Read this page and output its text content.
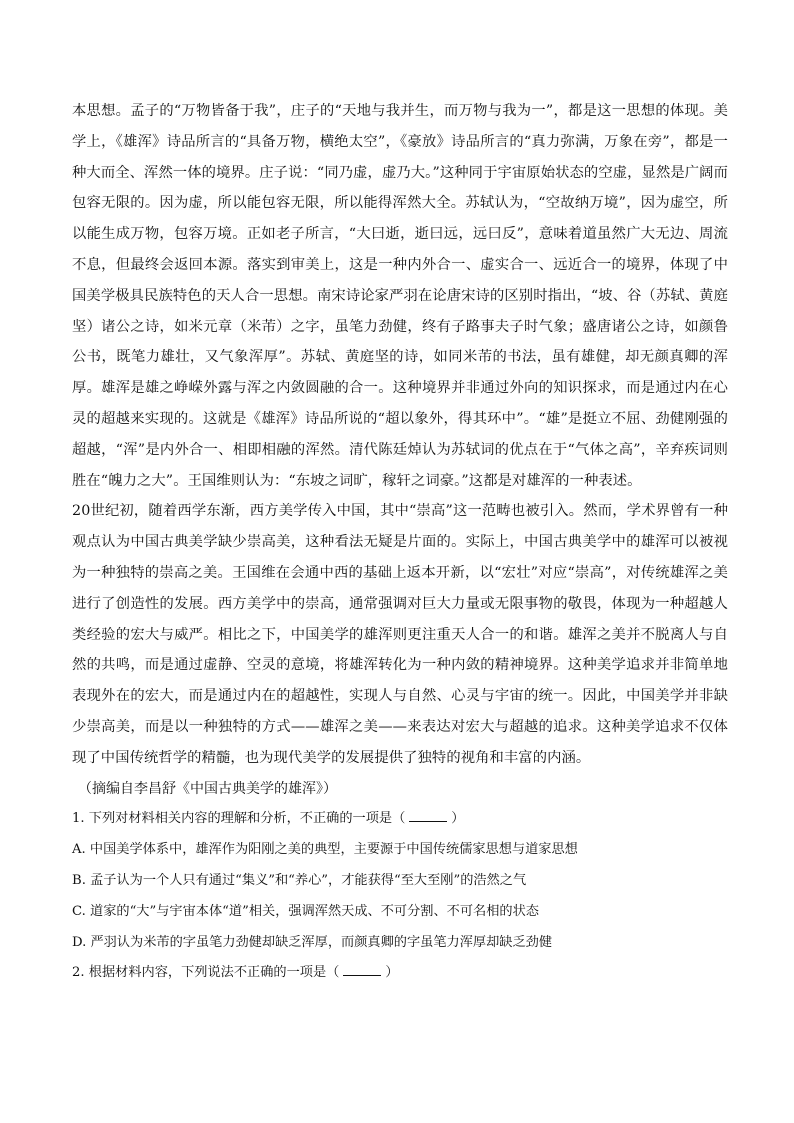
本思想。孟子的“万物皆备于我”，庄子的“天地与我并生，而万物与我为一”，都是这一思想的体现。美学上，《雄浑》诗品所言的“具备万物，横绝太空”，《豪放》诗品所言的“真力弥满，万象在旁”，都是一种大而全、浑然一体的境界。庄子说：“同乃虚，虚乃大。”这种同于宇宙原始状态的空虚，显然是广阔而包容无限的。因为虚，所以能包容无限，所以能得浑然大全。苏轼认为，“空故纳万境”，因为虚空，所以能生成万物，包容万境。正如老子所言，“大曰逝，逝曰远，远曰反”，意味着道虽然广大无边、周流不息，但最终会返回本源。落实到审美上，这是一种内外合一、虚实合一、远近合一的境界，体现了中国美学极具民族特色的天人合一思想。南宋诗论家严羽在论唐宋诗的区别时指出，“坡、谷（苏轼、黄庭坚）诸公之诗，如米元章（米芾）之字，虽笔力劲健，终有子路事夫子时气象；盛唐诸公之诗，如颜鲁公书，既笔力雄壮，又气象浑厚”。苏轼、黄庭坚的诗，如同米芾的书法，虽有雄健，却无颜真卿的浑厚。雄浑是雄之峥嵘外露与浑之内敛圆融的合一。这种境界并非通过外向的知识探求，而是通过内在心灵的超越来实现的。这就是《雄浑》诗品所说的“超以象外，得其环中”。“雄”是挺立不屈、劲健刚强的超越，“浑”是内外合一、相即相融的浑然。清代陈廷焯认为苏轼词的优点在于“气体之高”，辛弃疾词则胜在“魄力之大”。王国维则认为：“东坡之词旷，稼轩之词豪。”这都是对雄浑的一种表述。

20世纪初，随着西学东渐，西方美学传入中国，其中“崇高”这一范畴也被引入。然而，学术界曾有一种观点认为中国古典美学缺少崇高美，这种看法无疑是片面的。实际上，中国古典美学中的雄浑可以被视为一种独特的崇高之美。王国维在会通中西的基础上返本开新，以“宏壮”对应“崇高”，对传统雄浑之美进行了创造性的发展。西方美学中的崇高，通常强调对巨大力量或无限事物的敬畏，体现为一种超越人类经验的宏大与威严。相比之下，中国美学的雄浑则更注重天人合一的和谐。雄浑之美并不脱离人与自然的共鸣，而是通过虚静、空灵的意境，将雄浑转化为一种内敛的精神境界。这种美学追求并非简单地表现外在的宏大，而是通过内在的超越性，实现人与自然、心灵与宇宙的统一。因此，中国美学并非缺少崇高美，而是以一种独特的方式——雄浑之美——来表达对宏大与超越的追求。这种美学追求不仅体现了中国传统哲学的精髓，也为现代美学的发展提供了独特的视角和丰富的内涵。

（摘编自李昌舒《中国古典美学的雄浑》）

1. 下列对材料相关内容的理解和分析，不正确的一项是（	）

A. 中国美学体系中，雄浑作为阳刚之美的典型，主要源于中国传统儒家思想与道家思想

B. 孟子认为一个人只有通过“集义”和“养心”，才能获得“至大至刚”的浩然之气

C. 道家的“大”与宇宙本体“道”相关，强调浑然天成、不可分割、不可名相的状态

D. 严羽认为米芾的字虽笔力劲健却缺乏浑厚，而颜真卿的字虽笔力浑厚却缺乏劲健

2. 根据材料内容，下列说法不正确的一项是（	）
